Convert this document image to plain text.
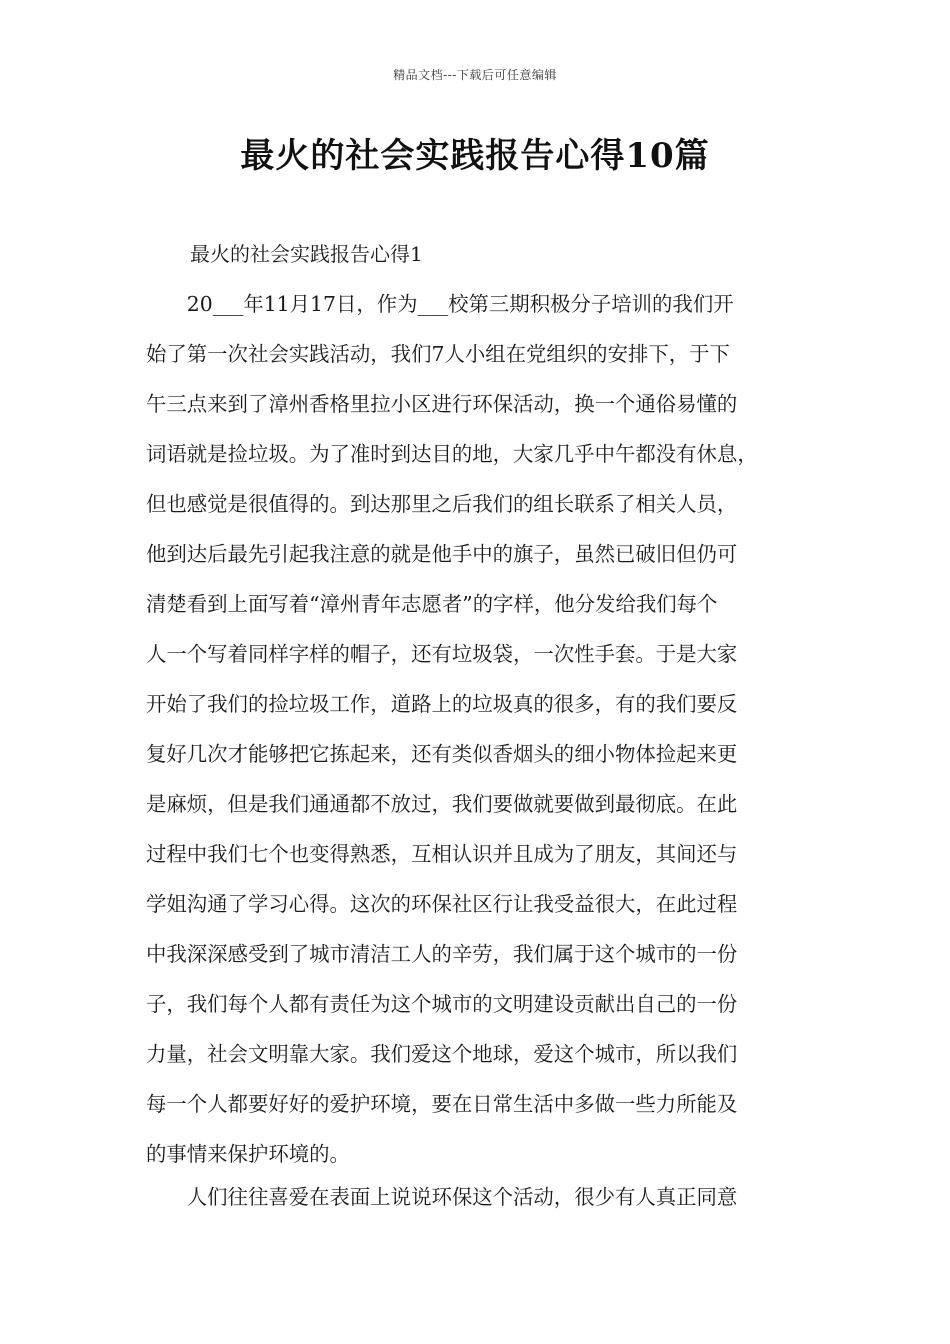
精品文档---下载后可任意编辑
最火的社会实践报告心得10篇
最火的社会实践报告心得1
　　20___年11月17日，作为___校第三期积极分子培训的我们开
始了第一次社会实践活动，我们7人小组在党组织的安排下，于下
午三点来到了漳州香格里拉小区进行环保活动，换一个通俗易懂的
词语就是捡垃圾。为了准时到达目的地，大家几乎中午都没有休息，
但也感觉是很值得的。到达那里之后我们的组长联系了相关人员，
他到达后最先引起我注意的就是他手中的旗子，虽然已破旧但仍可
清楚看到上面写着“漳州青年志愿者”的字样，他分发给我们每个
人一个写着同样字样的帽子，还有垃圾袋，一次性手套。于是大家
开始了我们的捡垃圾工作，道路上的垃圾真的很多，有的我们要反
复好几次才能够把它拣起来，还有类似香烟头的细小物体捡起来更
是麻烦，但是我们通通都不放过，我们要做就要做到最彻底。在此
过程中我们七个也变得熟悉，互相认识并且成为了朋友，其间还与
学姐沟通了学习心得。这次的环保社区行让我受益很大，在此过程
中我深深感受到了城市清洁工人的辛劳，我们属于这个城市的一份
子，我们每个人都有责任为这个城市的文明建设贡献出自己的一份
力量，社会文明靠大家。我们爱这个地球，爱这个城市，所以我们
每一个人都要好好的爱护环境，要在日常生活中多做一些力所能及
的事情来保护环境的。
　　人们往往喜爱在表面上说说环保这个活动，很少有人真正同意
